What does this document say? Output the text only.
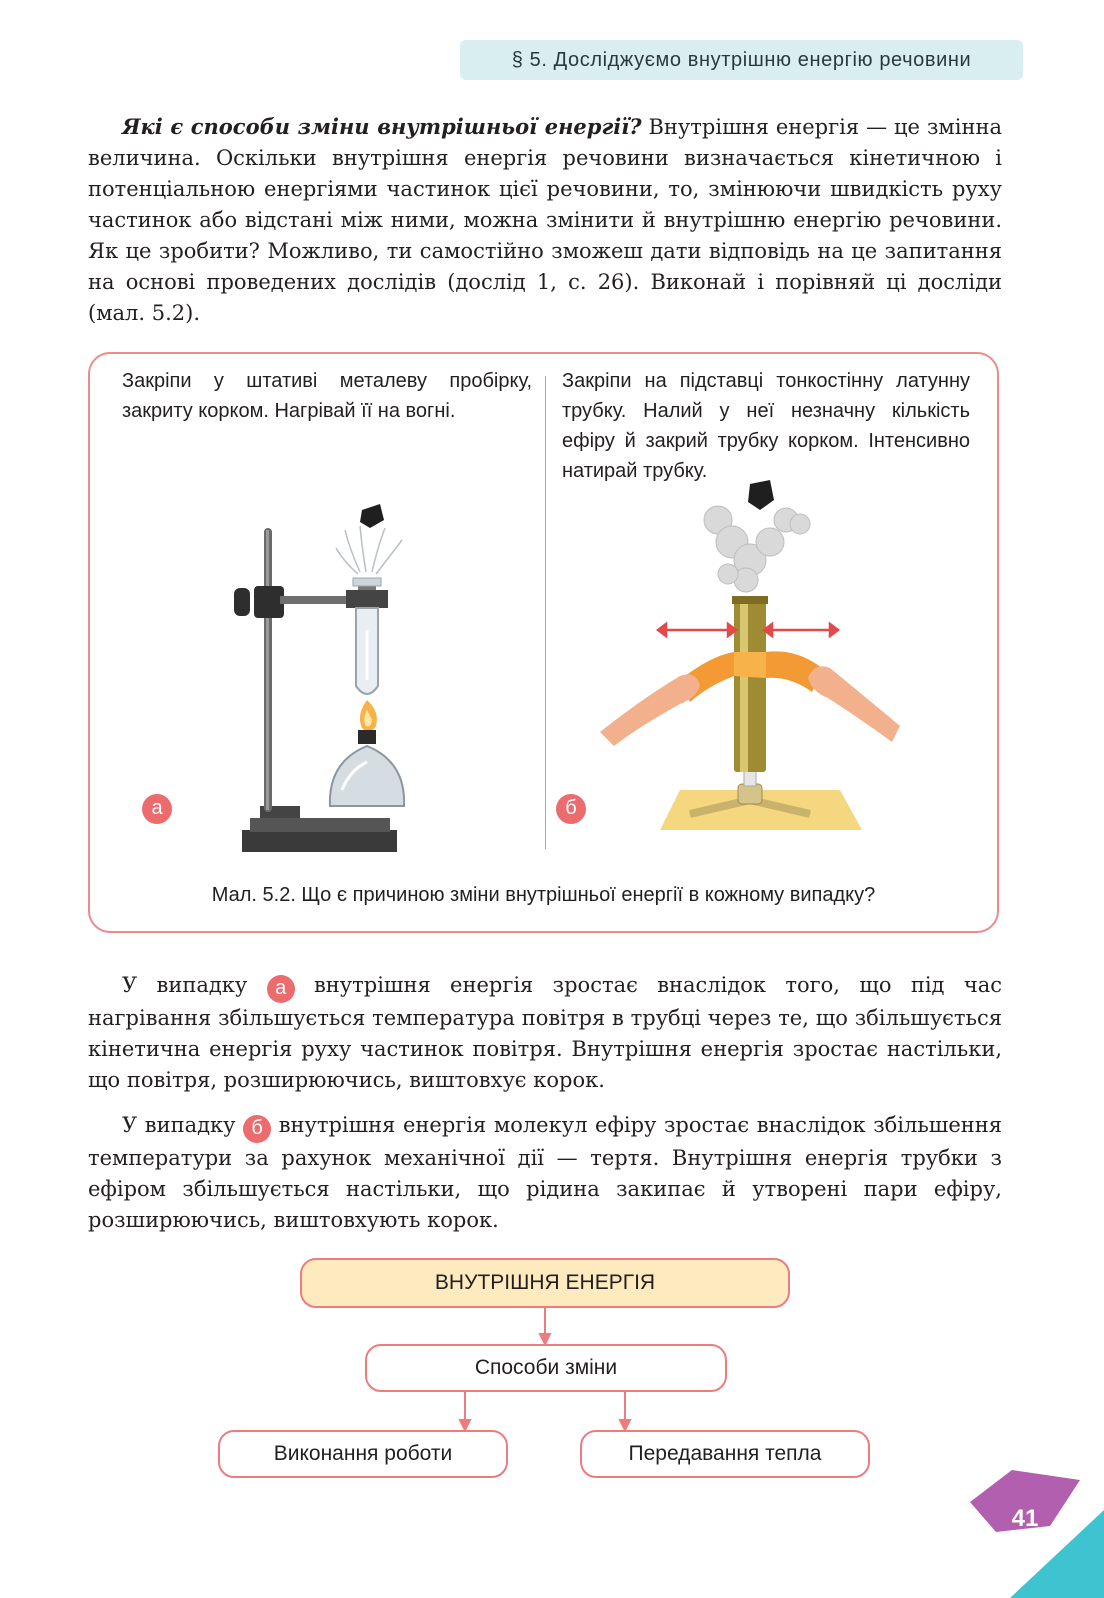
§ 5. Досліджуємо внутрішню енергію речовини
Які є способи зміни внутрішньої енергії? Внутрішня енергія — це змінна величина. Оскільки внутрішня енергія речовини визначається кінетичною і потенціальною енергіями частинок цієї речовини, то, змінюючи швидкість руху частинок або відстані між ними, можна змінити й внутрішню енергію речовини. Як це зробити? Можливо, ти самостійно зможеш дати відповідь на це запитання на основі проведених дослідів (дослід 1, с. 26). Виконай і порівняй ці досліди (мал. 5.2).
Закріпи у штативі металеву пробірку, закриту корком. Нагрівай її на вогні.
Закріпи на підставці тонкостінну латунну трубку. Налий у неї незначну кількість ефіру й закрий трубку корком. Інтенсивно натирай трубку.
а	б
Мал. 5.2. Що є причиною зміни внутрішньої енергії в кожному випадку?
У випадку а внутрішня енергія зростає внаслідок того, що під час нагрівання збільшується температура повітря в трубці через те, що збільшується кінетична енергія руху частинок повітря. Внутрішня енергія зростає настільки, що повітря, розширюючись, виштовхує корок.
У випадку б внутрішня енергія молекул ефіру зростає внаслідок збільшення температури за рахунок механічної дії — тертя. Внутрішня енергія трубки з ефіром збільшується настільки, що рідина закипає й утворені пари ефіру, розширюючись, виштовхують корок.
ВНУТРІШНЯ ЕНЕРГІЯ
Способи зміни
Виконання роботи	Передавання тепла
41
